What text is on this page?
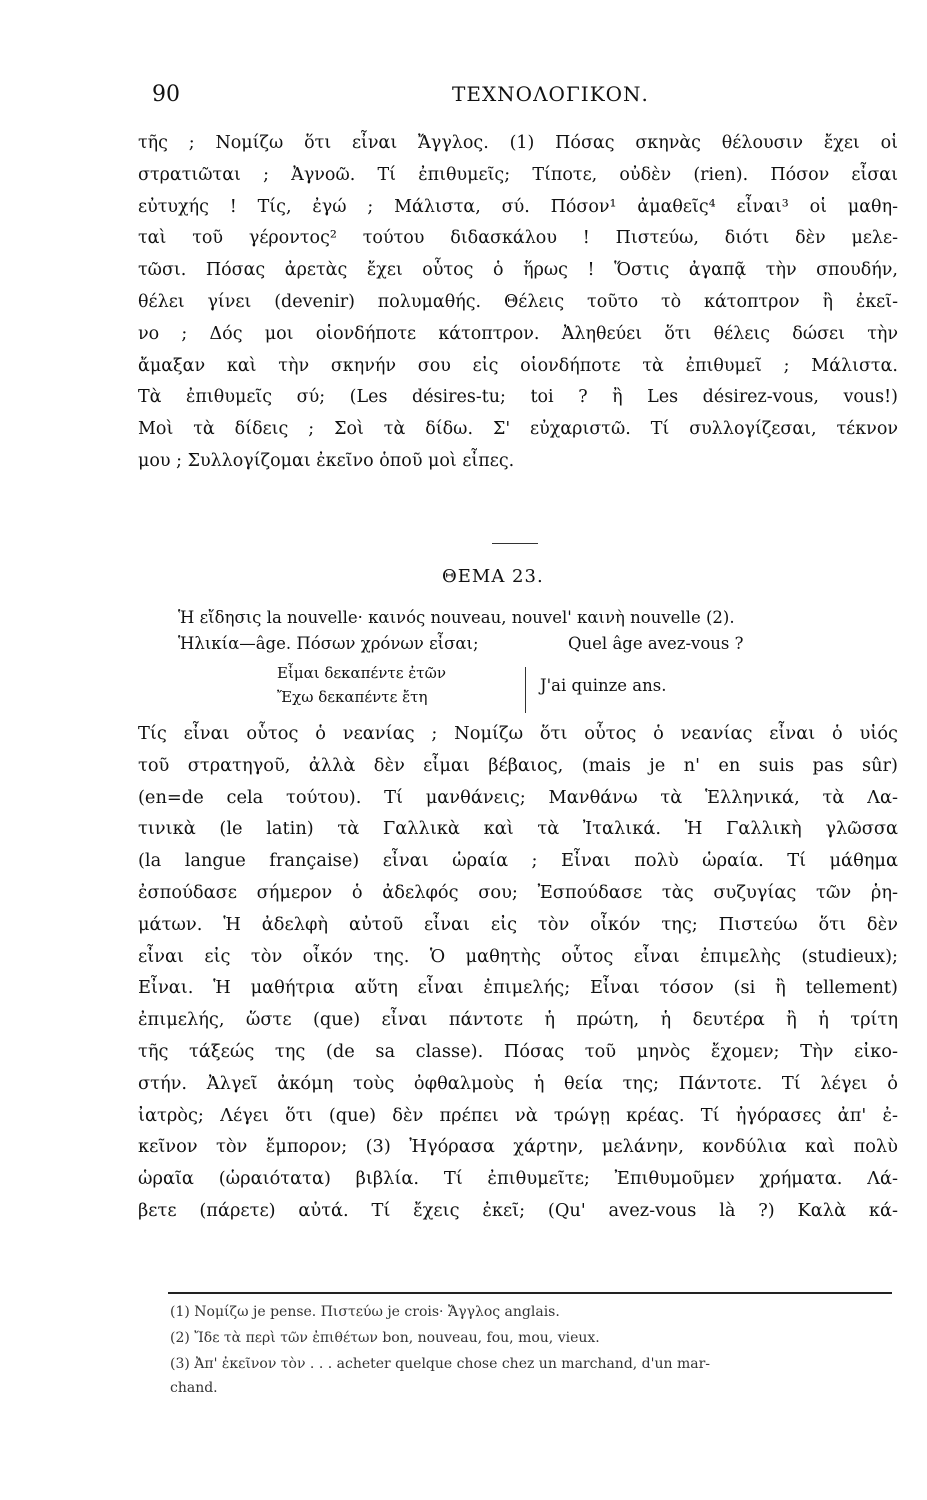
90	ΤΕΧΝΟΛΟΓΙΚΟΝ.
τῆς ; Νομίζω ὅτι εἶναι Ἄγγλος. (1) Πόσας σκηνὰς θέλουσιν ἔχει οἱ
στρατιῶται ; Ἀγνοῶ. Τί ἐπιθυμεῖς; Τίποτε, οὐδὲν (rien). Πόσον εἶσαι
εὐτυχής ! Τίς, ἐγώ ; Μάλιστα, σύ. Πόσον¹ ἀμαθεῖς⁴ εἶναι³ οἱ μαθη-
ταὶ τοῦ γέροντος² τούτου διδασκάλου ! Πιστεύω, διότι δὲν μελε-
τῶσι. Πόσας ἀρετὰς ἔχει οὗτος ὁ ἥρως ! Ὅστις ἀγαπᾷ τὴν σπουδήν,
θέλει γίνει (devenir) πολυμαθής. Θέλεις τοῦτο τὸ κάτοπτρον ἢ ἐκεῖ-
νο ; Δός μοι οἱονδήποτε κάτοπτρον. Ἀληθεύει ὅτι θέλεις δώσει τὴν
ἄμαξαν καὶ τὴν σκηνήν σου εἰς οἱονδήποτε τὰ ἐπιθυμεῖ ; Μάλιστα.
Τὰ ἐπιθυμεῖς σύ; (Les désires-tu; toi ? ἢ Les désirez-vous, vous!)
Μοὶ τὰ δίδεις ; Σοὶ τὰ δίδω. Σ' εὐχαριστῶ. Τί συλλογίζεσαι, τέκνον
μου ; Συλλογίζομαι ἐκεῖνο ὁποῦ μοὶ εἶπες.
ΘΕΜΑ 23.
Ἡ εἴδησις la nouvelle· καινός nouveau, nouvel' καινὴ nouvelle (2).
Ἡλικία—âge. Πόσων χρόνων εἶσαι;	Quel âge avez-vous ?
Εἶμαι δεκαπέντε ἐτῶν
Ἔχω δεκαπέντε ἔτη
J'ai quinze ans.
Τίς εἶναι οὗτος ὁ νεανίας ; Νομίζω ὅτι οὗτος ὁ νεανίας εἶναι ὁ υἱός
τοῦ στρατηγοῦ, ἀλλὰ δὲν εἶμαι βέβαιος, (mais je n' en suis pas sûr)
(en=de cela τούτου). Τί μανθάνεις; Μανθάνω τὰ Ἑλληνικά, τὰ Λα-
τινικὰ (le latin) τὰ Γαλλικὰ καὶ τὰ Ἰταλικά. Ἡ Γαλλικὴ γλῶσσα
(la langue française) εἶναι ὡραία ; Εἶναι πολὺ ὡραία. Τί μάθημα
ἐσπούδασε σήμερον ὁ ἀδελφός σου; Ἐσπούδασε τὰς συζυγίας τῶν ῥη-
μάτων. Ἡ ἀδελφὴ αὐτοῦ εἶναι εἰς τὸν οἶκόν της; Πιστεύω ὅτι δὲν
εἶναι εἰς τὸν οἶκόν της. Ὁ μαθητὴς οὗτος εἶναι ἐπιμελὴς (studieux);
Εἶναι. Ἡ μαθήτρια αὕτη εἶναι ἐπιμελής; Εἶναι τόσον (si ἢ tellement)
ἐπιμελής, ὥστε (que) εἶναι πάντοτε ἡ πρώτη, ἡ δευτέρα ἢ ἡ τρίτη
τῆς τάξεώς της (de sa classe). Πόσας τοῦ μηνὸς ἔχομεν; Τὴν εἰκο-
στήν. Ἀλγεῖ ἀκόμη τοὺς ὀφθαλμοὺς ἡ θεία της; Πάντοτε. Τί λέγει ὁ
ἰατρὸς; Λέγει ὅτι (que) δὲν πρέπει νὰ τρώγῃ κρέας. Τί ἠγόρασες ἀπ' ἐ-
κεῖνον τὸν ἔμπορον; (3) Ἠγόρασα χάρτην, μελάνην, κονδύλια καὶ πολὺ
ὡραῖα (ὡραιότατα) βιβλία. Τί ἐπιθυμεῖτε; Ἐπιθυμοῦμεν χρήματα. Λά-
βετε (πάρετε) αὐτά. Τί ἔχεις ἐκεῖ; (Qu' avez-vous là ?) Καλὰ κά-
(1) Νομίζω je pense. Πιστεύω je crois· Ἄγγλος anglais.
(2) Ἴδε τὰ περὶ τῶν ἐπιθέτων bon, nouveau, fou, mou, vieux.
(3) Ἀπ' ἐκεῖνον τὸν . . . acheter quelque chose chez un marchand, d'un mar-
chand.
